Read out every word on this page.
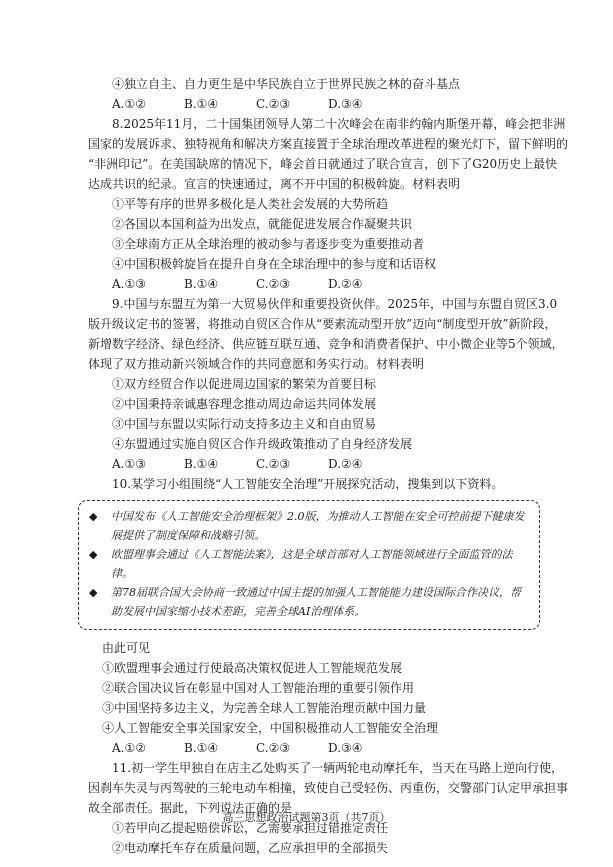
④独立自主、自力更生是中华民族自立于世界民族之林的奋斗基点
A.①②	B.①④	C.②③	D.③④
8.2025年11月，二十国集团领导人第二十次峰会在南非约翰内斯堡开幕，峰会把非洲
国家的发展诉求、独特视角和解决方案直接置于全球治理改革进程的聚光灯下，留下鲜明的
“非洲印记”。在美国缺席的情况下，峰会首日就通过了联合宣言，创下了G20历史上最快
达成共识的纪录。宣言的快速通过，离不开中国的积极斡旋。材料表明
①平等有序的世界多极化是人类社会发展的大势所趋
②各国以本国利益为出发点，就能促进发展合作凝聚共识
③全球南方正从全球治理的被动参与者逐步变为重要推动者
④中国积极斡旋旨在提升自身在全球治理中的参与度和话语权
A.①③	B.①④	C.②③	D.②④
9.中国与东盟互为第一大贸易伙伴和重要投资伙伴。2025年，中国与东盟自贸区3.0
版升级议定书的签署，将推动自贸区合作从“要素流动型开放”迈向“制度型开放”新阶段，
新增数字经济、绿色经济、供应链互联互通、竞争和消费者保护、中小微企业等5个领域，
体现了双方推动新兴领域合作的共同意愿和务实行动。材料表明
①双方经贸合作以促进周边国家的繁荣为首要目标
②中国秉持亲诚惠容理念推动周边命运共同体发展
③中国与东盟以实际行动支持多边主义和自由贸易
④东盟通过实施自贸区合作升级政策推动了自身经济发展
A.①③	B.①④	C.②③	D.②④
10.某学习小组围绕“人工智能安全治理”开展探究活动，搜集到以下资料。
◆	中国发布《人工智能安全治理框架》2.0版，为推动人工智能在安全可控前提下健康发展提供了制度保障和战略引领。
◆	欧盟理事会通过《人工智能法案》，这是全球首部对人工智能领域进行全面监管的法律。
◆	第78届联合国大会协商一致通过中国主提的加强人工智能能力建设国际合作决议，帮助发展中国家缩小技术差距，完善全球AI治理体系。
由此可见
①欧盟理事会通过行使最高决策权促进人工智能规范发展
②联合国决议旨在彰显中国对人工智能治理的重要引领作用
③中国坚持多边主义，为完善全球人工智能治理贡献中国力量
④人工智能安全事关国家安全，中国积极推动人工智能安全治理
A.①②	B.①④	C.②③	D.③④
11.初一学生甲独自在店主乙处购买了一辆两轮电动摩托车，当天在马路上逆向行使，
因刹车失灵与丙驾驶的三轮电动车相撞，致使自己受轻伤、丙重伤，交警部门认定甲承担事
故全部责任。据此，下列说法正确的是
①若甲向乙提起赔偿诉讼，乙需要承担过错推定责任
②电动摩托车存在质量问题，乙应承担甲的全部损失
高三思想政治试题第3页（共7页）
